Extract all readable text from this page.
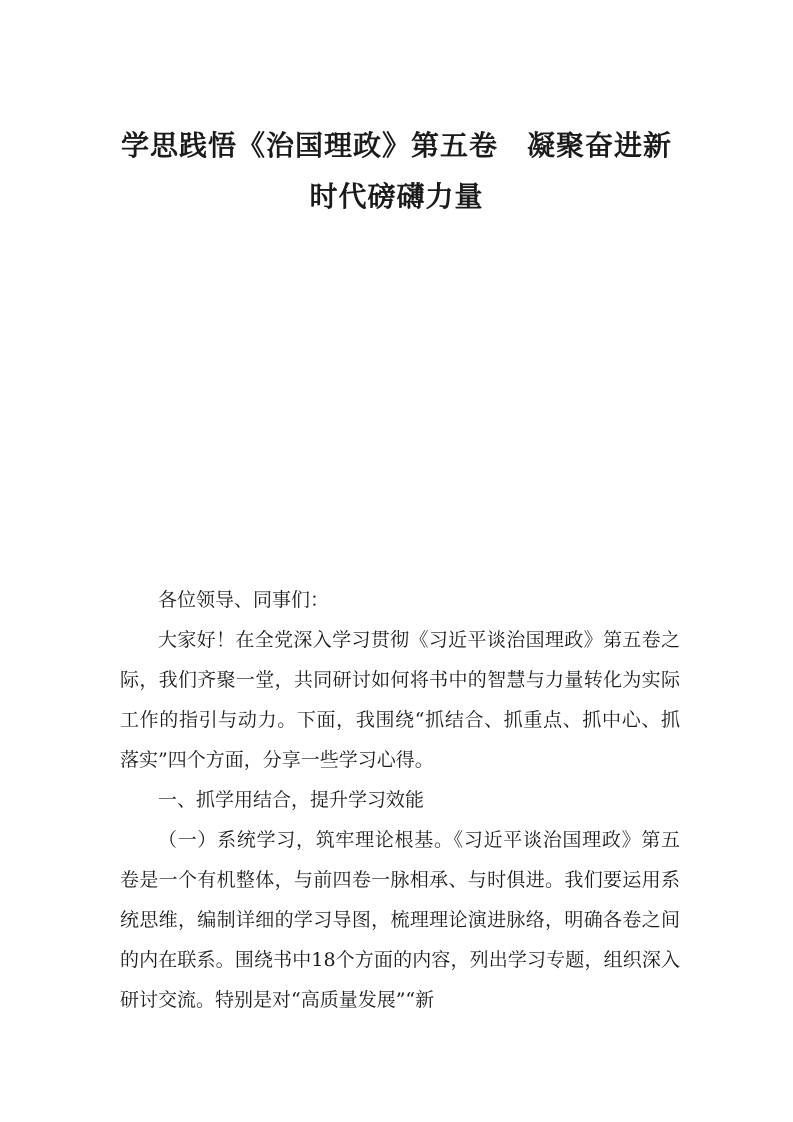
学思践悟《治国理政》第五卷　凝聚奋进新
时代磅礴力量

各位领导、同事们：

大家好！在全党深入学习贯彻《习近平谈治国理政》第五卷之际，我们齐聚一堂，共同研讨如何将书中的智慧与力量转化为实际工作的指引与动力。下面，我围绕“抓结合、抓重点、抓中心、抓落实”四个方面，分享一些学习心得。

一、抓学用结合，提升学习效能

（一）系统学习，筑牢理论根基。《习近平谈治国理政》第五卷是一个有机整体，与前四卷一脉相承、与时俱进。我们要运用系统思维，编制详细的学习导图，梳理理论演进脉络，明确各卷之间的内在联系。围绕书中18个方面的内容，列出学习专题，组织深入研讨交流。特别是对“高质量发展”“新
